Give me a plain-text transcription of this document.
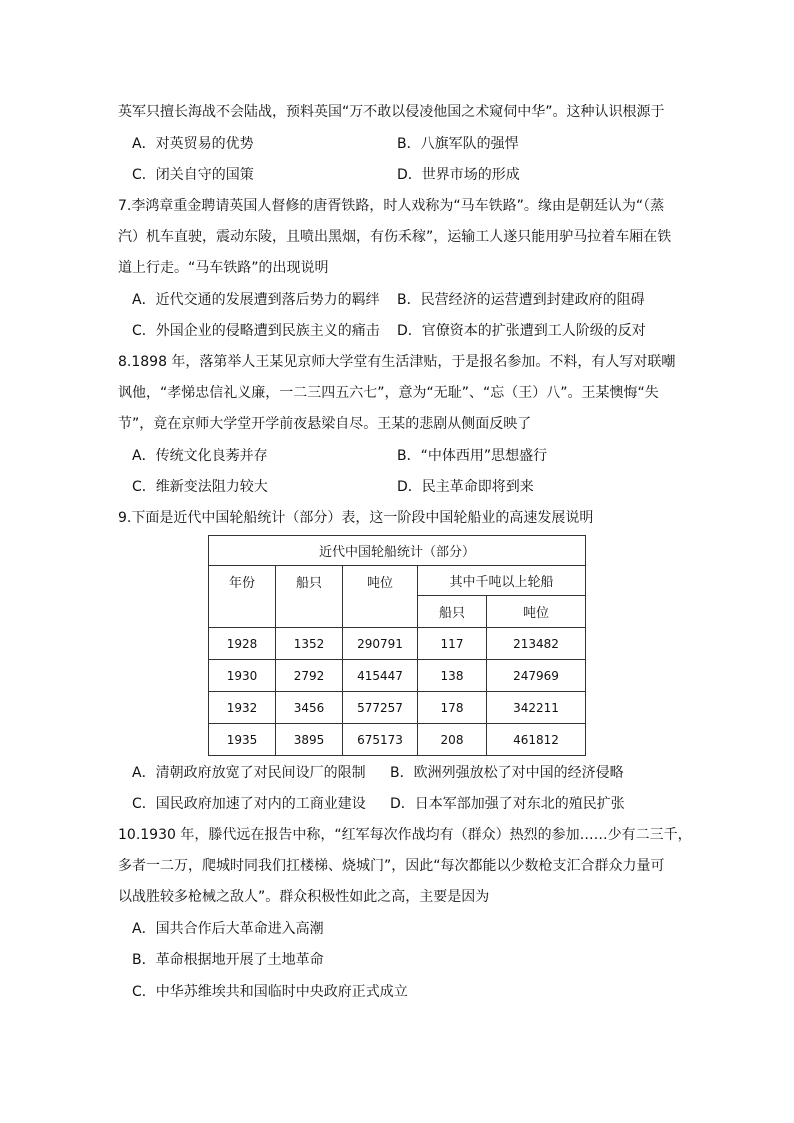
英军只擅长海战不会陆战，预料英国“万不敢以侵凌他国之术窥伺中华”。这种认识根源于
A．对英贸易的优势	B．八旗军队的强悍
C．闭关自守的国策	D．世界市场的形成
7.李鸿章重金聘请英国人督修的唐胥铁路，时人戏称为“马车铁路”。缘由是朝廷认为“（蒸
汽）机车直驶，震动东陵，且喷出黑烟，有伤禾稼”，运输工人遂只能用驴马拉着车厢在铁
道上行走。“马车铁路”的出现说明
A．近代交通的发展遭到落后势力的羁绊 B．民营经济的运营遭到封建政府的阻碍
C．外国企业的侵略遭到民族主义的痛击 D．官僚资本的扩张遭到工人阶级的反对
8.1898 年，落第举人王某见京师大学堂有生活津贴，于是报名参加。不料，有人写对联嘲
讽他，“孝悌忠信礼义廉，一二三四五六七”，意为“无耻”、“忘（王）八”。王某懊悔“失
节”，竟在京师大学堂开学前夜悬梁自尽。王某的悲剧从侧面反映了
A．传统文化良莠并存	B．“中体西用”思想盛行
C．维新变法阻力较大	D．民主革命即将到来
9.下面是近代中国轮船统计（部分）表，这一阶段中国轮船业的高速发展说明
近代中国轮船统计（部分）				
年份	船只	吨位	其中千吨以上轮船	
			船只	吨位
1928	1352	290791	117	213482
1930	2792	415447	138	247969
1932	3456	577257	178	342211
1935	3895	675173	208	461812
A．清朝政府放宽了对民间设厂的限制 B．欧洲列强放松了对中国的经济侵略
C．国民政府加速了对内的工商业建设 D．日本军部加强了对东北的殖民扩张
10.1930 年，滕代远在报告中称，“红军每次作战均有（群众）热烈的参加……少有二三千，
多者一二万，爬城时同我们扛楼梯、烧城门”，因此“每次都能以少数枪支汇合群众力量可
以战胜较多枪械之敌人”。群众积极性如此之高，主要是因为
A．国共合作后大革命进入高潮
B．革命根据地开展了土地革命
C．中华苏维埃共和国临时中央政府正式成立
